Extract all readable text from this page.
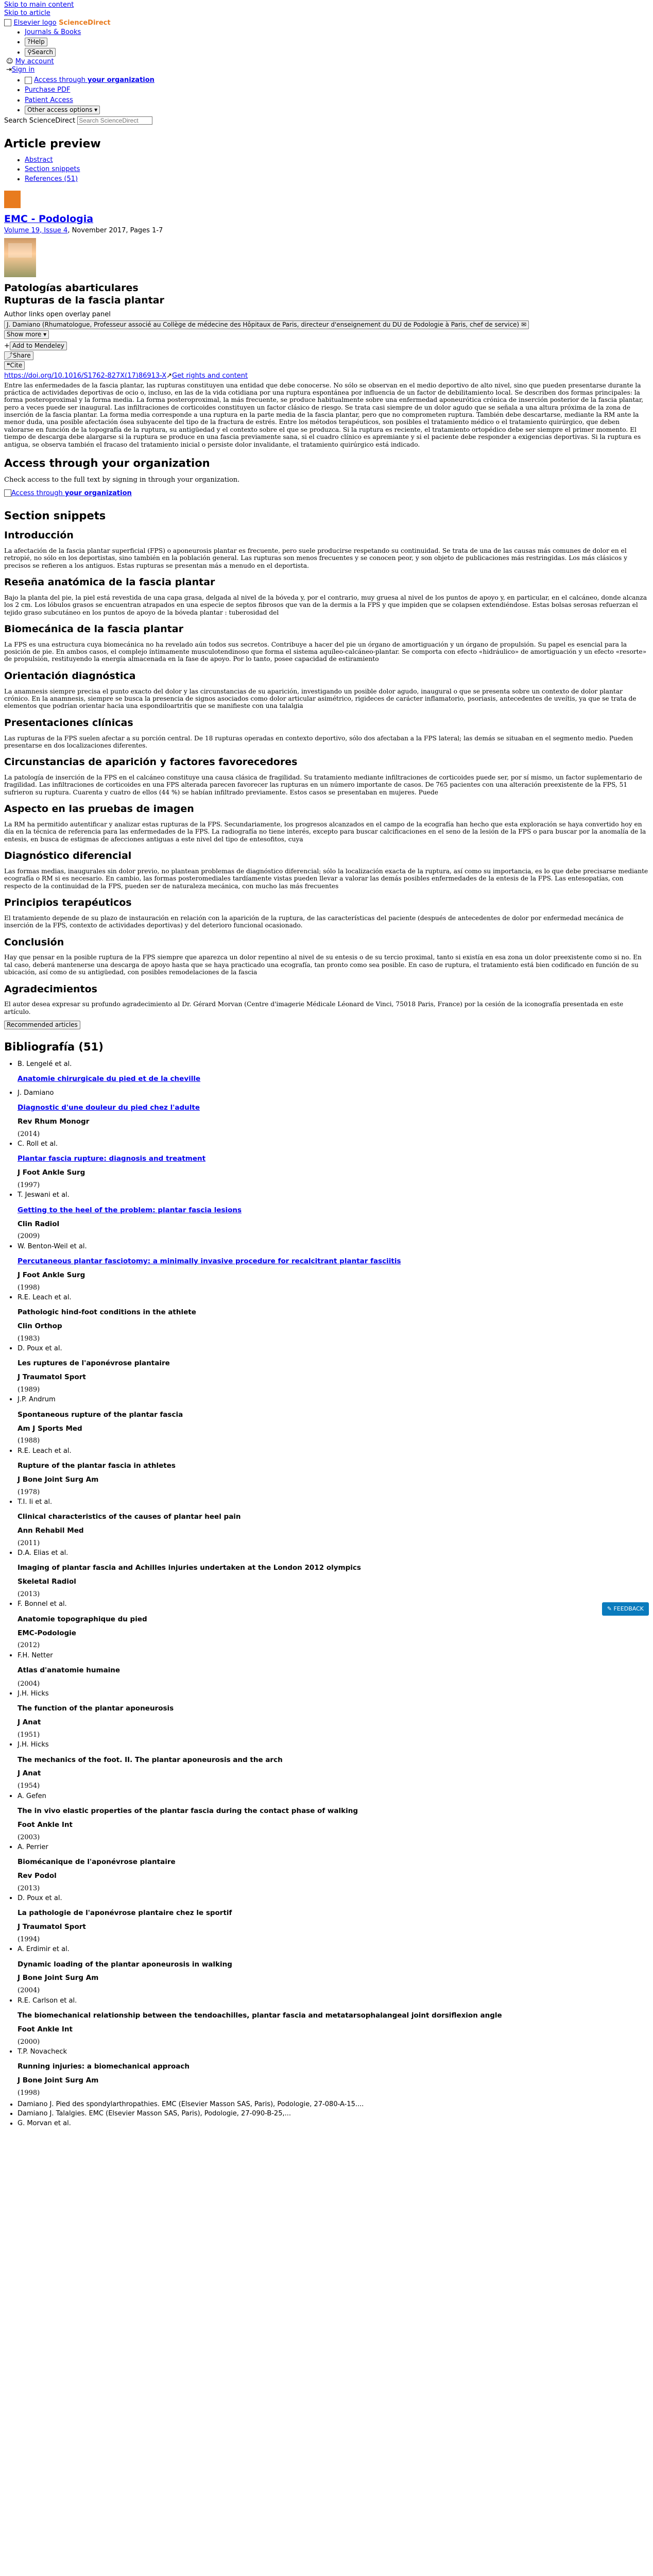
Skip to main content
Skip to article
Elsevier logo ScienceDirect
• Journals & Books
• ?Help
• ⚲Search
☺ My account
⇥Sign in
• Access through your organization
• Purchase PDF
• Patient Access
• Other access options ▾
Search ScienceDirect Search ScienceDirect
Article preview
• Abstract
• Section snippets
• References (51)
EMC - Podologia
Volume 19, Issue 4, November 2017, Pages 1-7
Patologías abarticulares
Rupturas de la fascia plantar
Author links open overlay panel
J. Damiano (Rhumatologue, Professeur associé au Collège de médecine des Hôpitaux de Paris, directeur d'enseignement du DU de Podologie à Paris, chef de service) ✉
Show more ▾
+ Add to Mendeley
⤴Share
❝Cite
https://doi.org/10.1016/S1762-827X(17)86913-X↗Get rights and content

Entre las enfermedades de la fascia plantar, las rupturas constituyen una entidad que debe conocerse. No sólo se observan en el medio deportivo de alto nivel, sino que pueden presentarse durante la práctica de actividades deportivas de ocio o, incluso, en las de la vida cotidiana por una ruptura espontánea por influencia de un factor de debilitamiento local. Se describen dos formas principales: la forma posteroproximal y la forma media. La forma posteroproximal, la más frecuente, se produce habitualmente sobre una enfermedad aponeurótica crónica de inserción posterior de la fascia plantar, pero a veces puede ser inaugural. Las infiltraciones de corticoides constituyen un factor clásico de riesgo. Se trata casi siempre de un dolor agudo que se señala a una altura próxima de la zona de inserción de la fascia plantar. La forma media corresponde a una ruptura en la parte media de la fascia plantar, pero que no comprometen ruptura. También debe descartarse, mediante la RM ante la menor duda, una posible afectación ósea subyacente del tipo de la fractura de estrés. Entre los métodos terapéuticos, son posibles el tratamiento médico o el tratamiento quirúrgico, que deben valorarse en función de la topografía de la ruptura, su antigüedad y el contexto sobre el que se produzca. Si la ruptura es reciente, el tratamiento ortopédico debe ser siempre el primer momento. El tiempo de descarga debe alargarse si la ruptura se produce en una fascia previamente sana, si el cuadro clínico es apremiante y si el paciente debe responder a exigencias deportivas. Si la ruptura es antigua, se observa también el fracaso del tratamiento inicial o persiste dolor invalidante, el tratamiento quirúrgico está indicado.

Access through your organization

Check access to the full text by signing in through your organization.

Access through your organization
Section snippets
Introducción

La afectación de la fascia plantar superficial (FPS) o aponeurosis plantar es frecuente, pero suele producirse respetando su continuidad. Se trata de una de las causas más comunes de dolor en el retropié, no sólo en los deportistas, sino también en la población general. Las rupturas son menos frecuentes y se conocen peor, y son objeto de publicaciones más restringidas. Los más clásicos y precisos se refieren a los antiguos. Estas rupturas se presentan más a menudo en el deportista.

Reseña anatómica de la fascia plantar

Bajo la planta del pie, la piel está revestida de una capa grasa, delgada al nivel de la bóveda y, por el contrario, muy gruesa al nivel de los puntos de apoyo y, en particular, en el calcáneo, donde alcanza los 2 cm. Los lóbulos grasos se encuentran atrapados en una especie de septos fibrosos que van de la dermis a la FPS y que impiden que se colapsen extendiéndose. Estas bolsas serosas refuerzan el tejido graso subcutáneo en los puntos de apoyo de la bóveda plantar : tuberosidad del

Biomecánica de la fascia plantar

La FPS es una estructura cuya biomecánica no ha revelado aún todos sus secretos. Contribuye a hacer del pie un órgano de amortiguación y un órgano de propulsión. Su papel es esencial para la posición de pie. En ambos casos, el complejo íntimamente musculotendinoso que forma el sistema aquíleo-calcáneo-plantar. Se comporta con efecto «hidráulico» de amortiguación y un efecto «resorte» de propulsión, restituyendo la energía almacenada en la fase de apoyo. Por lo tanto, posee capacidad de estiramiento

Orientación diagnóstica

La anamnesis siempre precisa el punto exacto del dolor y las circunstancias de su aparición, investigando un posible dolor agudo, inaugural o que se presenta sobre un contexto de dolor plantar crónico. En la anamnesis, siempre se busca la presencia de signos asociados como dolor articular asimétrico, rigideces de carácter inflamatorio, psoriasis, antecedentes de uveítis, ya que se trata de elementos que podrían orientar hacia una espondiloartritis que se manifieste con una talalgia

Presentaciones clínicas

Las rupturas de la FPS suelen afectar a su porción central. De 18 rupturas operadas en contexto deportivo, sólo dos afectaban a la FPS lateral; las demás se situaban en el segmento medio. Pueden presentarse en dos localizaciones diferentes.

Circunstancias de aparición y factores favorecedores

La patología de inserción de la FPS en el calcáneo constituye una causa clásica de fragilidad. Su tratamiento mediante infiltraciones de corticoides puede ser, por sí mismo, un factor suplementario de fragilidad. Las infiltraciones de corticoides en una FPS alterada parecen favorecer las rupturas en un número importante de casos. De 765 pacientes con una alteración preexistente de la FPS, 51 sufrieron su ruptura. Cuarenta y cuatro de ellos (44 %) se habían infiltrado previamente. Estos casos se presentaban en mujeres. Puede

Aspecto en las pruebas de imagen

La RM ha permitido autentificar y analizar estas rupturas de la FPS. Secundariamente, los progresos alcanzados en el campo de la ecografía han hecho que esta exploración se haya convertido hoy en día en la técnica de referencia para las enfermedades de la FPS. La radiografía no tiene interés, excepto para buscar calcificaciones en el seno de la lesión de la FPS o para buscar por la anomalía de la entesis, en busca de estigmas de afecciones antiguas a este nivel del tipo de entesofitos, cuya

Diagnóstico diferencial

Las formas medias, inaugurales sin dolor previo, no plantean problemas de diagnóstico diferencial; sólo la localización exacta de la ruptura, así como su importancia, es lo que debe precisarse mediante ecografía o RM si es necesario. En cambio, las formas posteromediales tardíamente vistas pueden llevar a valorar las demás posibles enfermedades de la entesis de la FPS. Las entesopatías, con respecto de la continuidad de la FPS, pueden ser de naturaleza mecánica, con mucho las más frecuentes

Principios terapéuticos

El tratamiento depende de su plazo de instauración en relación con la aparición de la ruptura, de las características del paciente (después de antecedentes de dolor por enfermedad mecánica de inserción de la FPS, contexto de actividades deportivas) y del deterioro funcional ocasionado.

Conclusión

Hay que pensar en la posible ruptura de la FPS siempre que aparezca un dolor repentino al nivel de su entesis o de su tercio proximal, tanto si existía en esa zona un dolor preexistente como si no. En tal caso, deberá mantenerse una descarga de apoyo hasta que se haya practicado una ecografía, tan pronto como sea posible. En caso de ruptura, el tratamiento está bien codificado en función de su ubicación, así como de su antigüedad, con posibles remodelaciones de la fascia

Agradecimientos

El autor desea expresar su profundo agradecimiento al Dr. Gérard Morvan (Centre d'imagerie Médicale Léonard de Vinci, 75018 Paris, France) por la cesión de la iconografía presentada en este artículo.

Recommended articles
Bibliografía (51)
• B. Lengelé et al.
Anatomie chirurgicale du pied et de la cheville
• J. Damiano
Diagnostic d'une douleur du pied chez l'adulte
Rev Rhum Monogr
(2014)
• C. Roll et al.
Plantar fascia rupture: diagnosis and treatment
J Foot Ankle Surg
(1997)
• T. Jeswani et al.
Getting to the heel of the problem: plantar fascia lesions
Clin Radiol
(2009)
• W. Benton-Weil et al.
Percutaneous plantar fasciotomy: a minimally invasive procedure for recalcitrant plantar fasciitis
J Foot Ankle Surg
(1998)
• R.E. Leach et al.
Pathologic hind-foot conditions in the athlete
Clin Orthop
(1983)
• D. Poux et al.
Les ruptures de l'aponévrose plantaire
J Traumatol Sport
(1989)
• J.P. Andrum
Spontaneous rupture of the plantar fascia
Am J Sports Med
(1988)
• R.E. Leach et al.
Rupture of the plantar fascia in athletes
J Bone Joint Surg Am
(1978)
• T.I. Ii et al.
Clinical characteristics of the causes of plantar heel pain
Ann Rehabil Med
(2011)
• D.A. Elias et al.
Imaging of plantar fascia and Achilles injuries undertaken at the London 2012 olympics
Skeletal Radiol
(2013)
• F. Bonnel et al.
Anatomie topographique du pied
EMC-Podologie
(2012)
• F.H. Netter
Atlas d'anatomie humaine
(2004)
• J.H. Hicks
The function of the plantar aponeurosis
J Anat
(1951)
• J.H. Hicks
The mechanics of the foot. II. The plantar aponeurosis and the arch
J Anat
(1954)
• A. Gefen
The in vivo elastic properties of the plantar fascia during the contact phase of walking
Foot Ankle Int
(2003)
• A. Perrier
Biomécanique de l'aponévrose plantaire
Rev Podol
(2013)
• D. Poux et al.
La pathologie de l'aponévrose plantaire chez le sportif
J Traumatol Sport
(1994)
• A. Erdimir et al.
Dynamic loading of the plantar aponeurosis in walking
J Bone Joint Surg Am
(2004)
• R.E. Carlson et al.
The biomechanical relationship between the tendoachilles, plantar fascia and metatarsophalangeal joint dorsiflexion angle
Foot Ankle Int
(2000)
• T.P. Novacheck
Running injuries: a biomechanical approach
J Bone Joint Surg Am
(1998)
• Damiano J. Pied des spondylarthropathies. EMC (Elsevier Masson SAS, Paris), Podologie, 27-080-A-15....
• Damiano J. Talalgies. EMC (Elsevier Masson SAS, Paris), Podologie, 27-090-B-25,...
• G. Morvan et al.
✎ FEEDBACK
